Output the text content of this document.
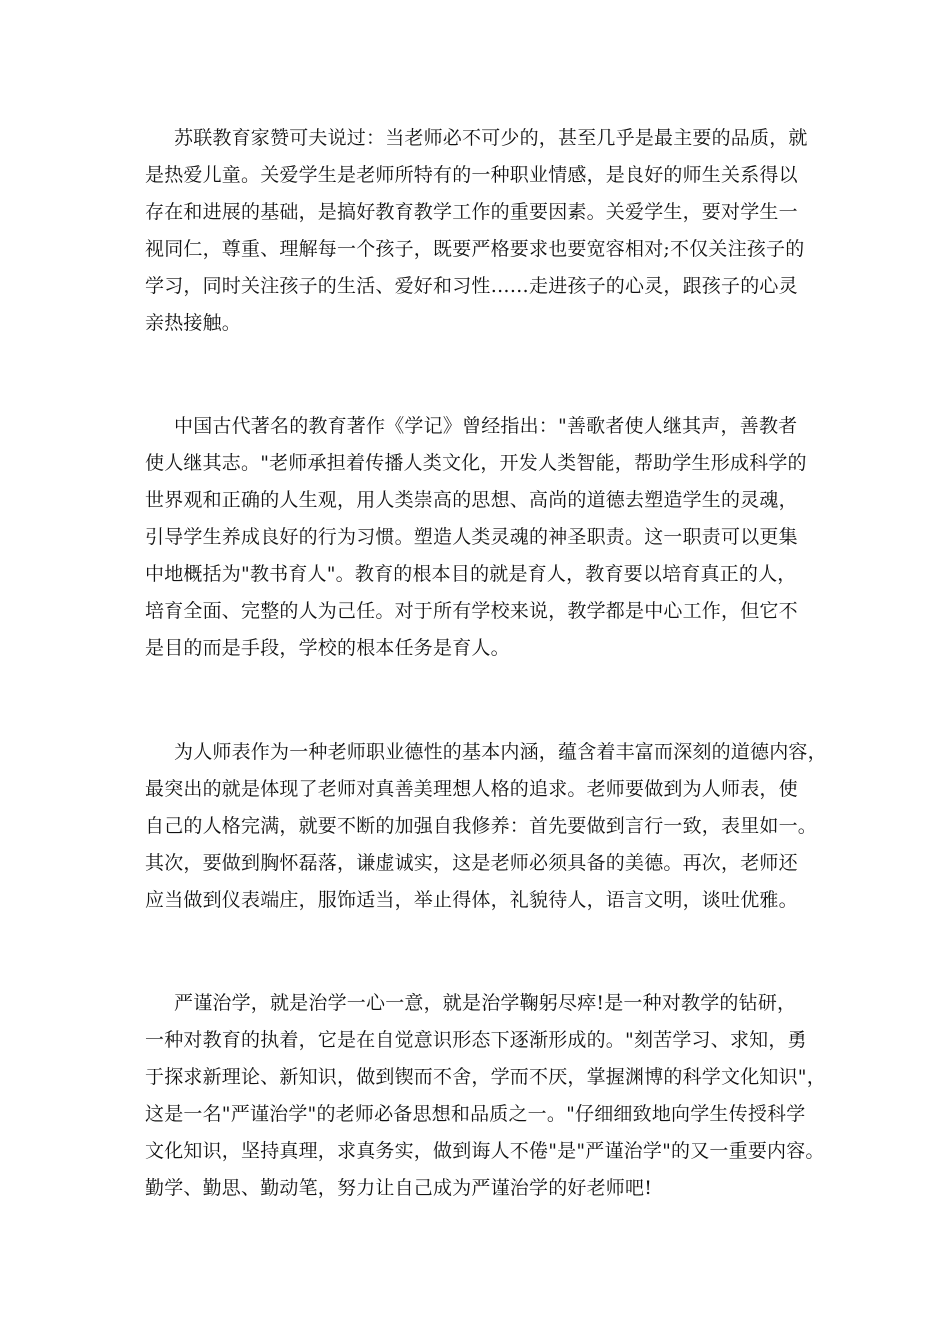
苏联教育家赞可夫说过：当老师必不可少的，甚至几乎是最主要的品质，就
是热爱儿童。关爱学生是老师所特有的一种职业情感，是良好的师生关系得以
存在和进展的基础，是搞好教育教学工作的重要因素。关爱学生，要对学生一
视同仁，尊重、理解每一个孩子，既要严格要求也要宽容相对;不仅关注孩子的
学习，同时关注孩子的生活、爱好和习性……走进孩子的心灵，跟孩子的心灵
亲热接触。
中国古代著名的教育著作《学记》曾经指出："善歌者使人继其声，善教者
使人继其志。"老师承担着传播人类文化，开发人类智能，帮助学生形成科学的
世界观和正确的人生观，用人类崇高的思想、高尚的道德去塑造学生的灵魂，
引导学生养成良好的行为习惯。塑造人类灵魂的神圣职责。这一职责可以更集
中地概括为"教书育人"。教育的根本目的就是育人，教育要以培育真正的人，
培育全面、完整的人为己任。对于所有学校来说，教学都是中心工作，但它不
是目的而是手段，学校的根本任务是育人。
为人师表作为一种老师职业德性的基本内涵，蕴含着丰富而深刻的道德内容，
最突出的就是体现了老师对真善美理想人格的追求。老师要做到为人师表，使
自己的人格完满，就要不断的加强自我修养：首先要做到言行一致，表里如一。
其次，要做到胸怀磊落，谦虚诚实，这是老师必须具备的美德。再次，老师还
应当做到仪表端庄，服饰适当，举止得体，礼貌待人，语言文明，谈吐优雅。
严谨治学，就是治学一心一意，就是治学鞠躬尽瘁!是一种对教学的钻研，
一种对教育的执着，它是在自觉意识形态下逐渐形成的。"刻苦学习、求知，勇
于探求新理论、新知识，做到锲而不舍，学而不厌，掌握渊博的科学文化知识"，
这是一名"严谨治学"的老师必备思想和品质之一。"仔细细致地向学生传授科学
文化知识，坚持真理，求真务实，做到诲人不倦"是"严谨治学"的又一重要内容。
勤学、勤思、勤动笔，努力让自己成为严谨治学的好老师吧!
